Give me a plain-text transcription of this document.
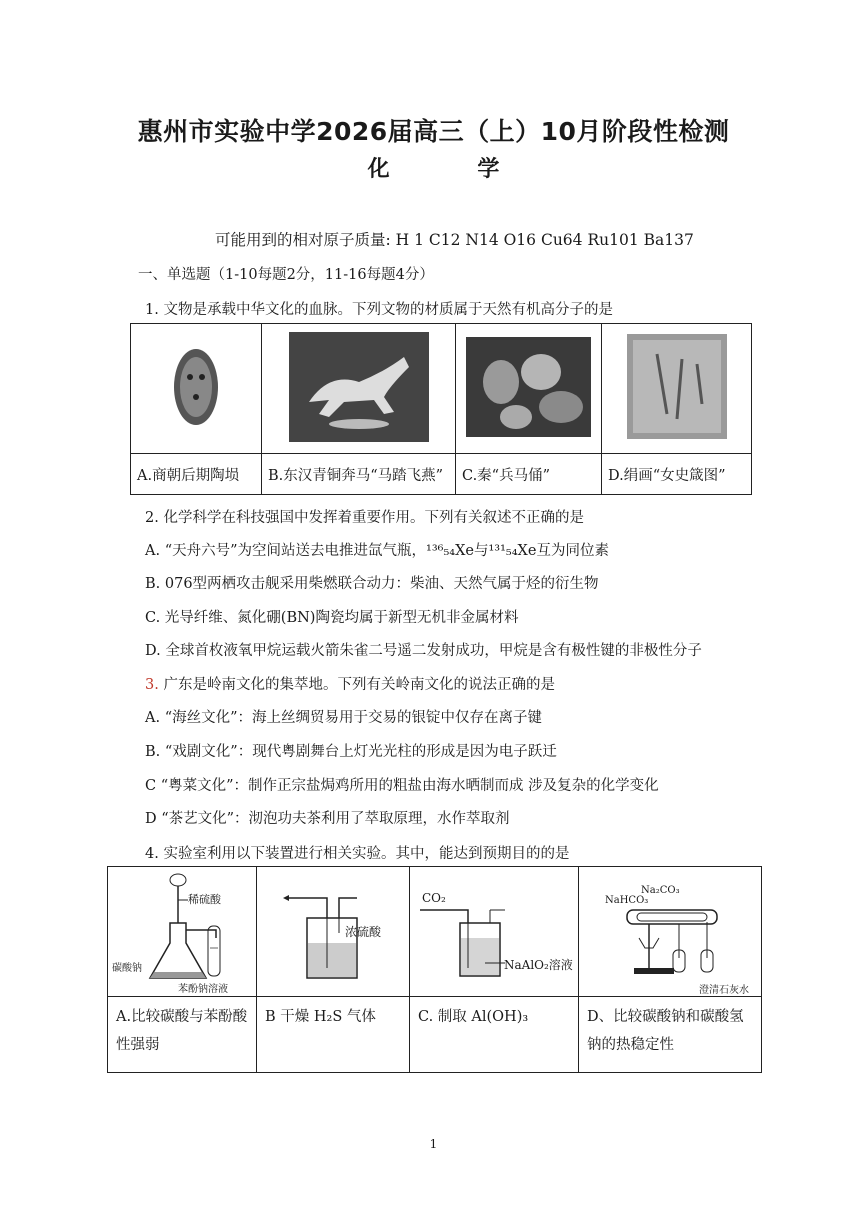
惠州市实验中学2026届高三（上）10月阶段性检测
化 学
可能用到的相对原子质量: H 1 C12 N14 O16 Cu64 Ru101 Ba137
一、单选题（1-10每题2分，11-16每题4分）
1. 文物是承载中华文化的血脉。下列文物的材质属于天然有机高分子的是

A.商朝后期陶埙	B.东汉青铜奔马“马踏飞燕”	C.秦“兵马俑”	D.绢画“女史箴图”
2. 化学科学在科技强国中发挥着重要作用。下列有关叙述不正确的是
A. “天舟六号”为空间站送去电推进氙气瓶，¹³⁶₅₄Xe与¹³¹₅₄Xe互为同位素
B. 076型两栖攻击舰采用柴燃联合动力：柴油、天然气属于烃的衍生物
C. 光导纤维、氮化硼(BN)陶瓷均属于新型无机非金属材料
D. 全球首枚液氧甲烷运载火箭朱雀二号遥二发射成功，甲烷是含有极性键的非极性分子
3. 广东是岭南文化的集萃地。下列有关岭南文化的说法正确的是
A. “海丝文化”：海上丝绸贸易用于交易的银锭中仅存在离子键
B. “戏剧文化”：现代粤剧舞台上灯光光柱的形成是因为电子跃迁
C “粤菜文化”：制作正宗盐焗鸡所用的粗盐由海水晒制而成 涉及复杂的化学变化
D “茶艺文化”：沏泡功夫茶利用了萃取原理，水作萃取剂
4. 实验室利用以下装置进行相关实验。其中，能达到预期目的的是
稀硫酸
碳酸钠
苯酚钠溶液	浓硫酸	CO₂
NaAlO₂溶液	NaHCO₃
Na₂CO₃
澄清石灰水

A.比较碳酸与苯酚酸性强弱	B 干燥 H₂S 气体	C. 制取 Al(OH)₃	D、比较碳酸钠和碳酸氢钠的热稳定性
1
